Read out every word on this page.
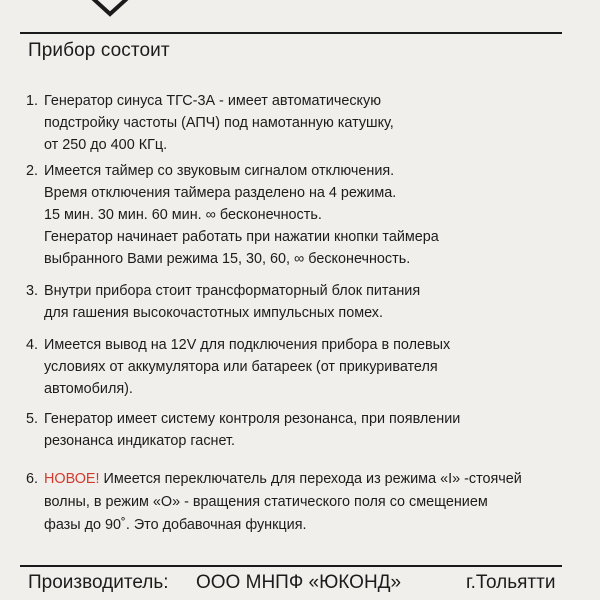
Прибор состоит
1. Генератор синуса ТГС-3А - имеет автоматическую
подстройку частоты (АПЧ) под намотанную катушку,
от 250 до 400 КГц.
2. Имеется таймер со звуковым сигналом отключения.
Время отключения таймера разделено на 4 режима.
15 мин. 30 мин. 60 мин. ∞ бесконечность.
Генератор начинает работать при нажатии кнопки таймера
выбранного Вами режима 15, 30, 60, ∞ бесконечность.
3. Внутри прибора стоит трансформаторный блок питания
для гашения высокочастотных импульсных помех.
4. Имеется вывод на 12V для подключения прибора в полевых
условиях от аккумулятора или батареек (от прикуривателя
автомобиля).
5. Генератор имеет систему контроля резонанса, при появлении
резонанса индикатор гаснет.
6. НОВОЕ! Имеется переключатель для перехода из режима «I» -стоячей
волны, в режим «О» - вращения статического поля со смещением
фазы до 90˚. Это добавочная функция.
Производитель: ООО МНПФ «ЮКОНД»	г.Тольятти
